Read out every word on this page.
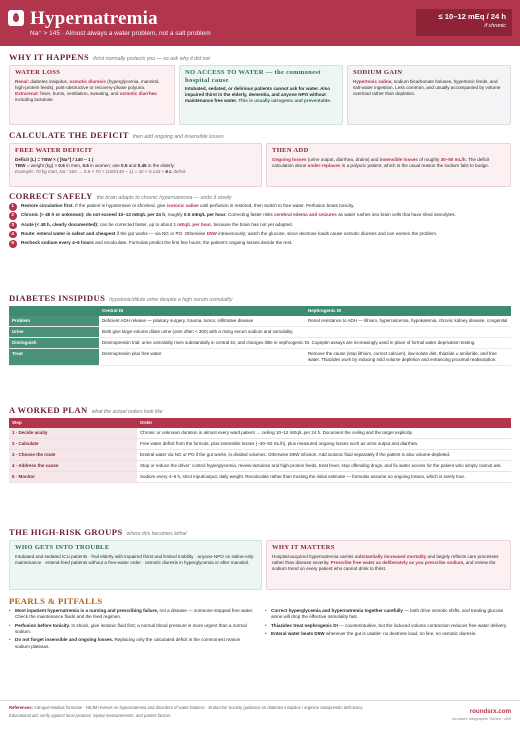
Hypernatremia
Na⁺ > 145 · Almost always a water problem, not a salt problem
≤ 10–12 mEq / 24 h
if chronic
WHY IT HAPPENS thirst normally protects you — so ask why it did not
WATER LOSS
Renal: diabetes insipidus, osmotic diuresis (hyperglycemia, mannitol, high-protein feeds), post-obstructive or recovery-phase polyuria. Extrarenal: fever, burns, ventilation, sweating, and osmotic diarrhea including lactulose.
NO ACCESS TO WATER — the commonest hospital cause
Intubated, sedated, or delirious patients cannot ask for water. Also impaired thirst in the elderly, dementia, and anyone NPO without maintenance free water. This is usually iatrogenic and preventable.
SODIUM GAIN
Hypertonic saline, sodium bicarbonate boluses, hypertonic feeds, and salt-water ingestion. Less common, and usually accompanied by volume overload rather than depletion.
CALCULATE THE DEFICIT then add ongoing and insensible losses
FREE WATER DEFICIT
Deficit (L) = TBW × ( [Na⁺] / 140 − 1 )
TBW = weight (kg) × 0.6 in men, 0.5 in women; use 0.5 and 0.45 in the elderly.
Example: 70 kg man, Na⁺ 160 → 0.6 × 70 × (160/140 − 1) = 42 × 0.143 ≈ 6 L deficit.
THEN ADD
Ongoing losses (urine output, diarrhea, drains) and insensible losses of roughly 30–50 mL/h. The deficit calculation alone under-replaces in a polyuric patient, which is the usual reason the sodium fails to budge.
CORRECT SAFELY the brain adapts to chronic hypernatremia — undo it slowly
1	Restore circulation first. If the patient is hypotensive or shocked, give isotonic saline until perfusion is restored, then switch to free water. Perfusion beats tonicity.
2	Chronic (> 48 h or unknown): do not exceed 10–12 mEq/L per 24 h, roughly 0.5 mEq/L per hour. Correcting faster risks cerebral edema and seizures as water rushes into brain cells that have shed osmolytes.
3	Acute (< 48 h, clearly documented): can be corrected faster, up to about 1 mEq/L per hour, because the brain has not yet adapted.
4	Route: enteral water is safest and cheapest if the gut works — via NG or PO. Otherwise D5W intravenously; watch the glucose, since dextrose loads cause osmotic diuresis and can worsen the problem.
5	Recheck sodium every 4–6 hours and recalculate. Formulas predict the first few hours; the patient's ongoing losses decide the rest.
DIABETES INSIPIDUS hypotonic/dilute urine despite a high serum osmolality
	Central DI	Nephrogenic DI
Problem	Deficient ADH release — pituitary surgery, trauma, tumor, infiltrative disease	Renal resistance to ADH — lithium, hypercalcemia, hypokalemia, chronic kidney disease, congenital
Urine	Both give large-volume dilute urine (osm often < 300) with a rising serum sodium and osmolality.	
Distinguish	Desmopressin trial: urine osmolality rises substantially in central DI, and changes little in nephrogenic DI. Copeptin assays are increasingly used in place of formal water deprivation testing.	
Treat	Desmopressin plus free water	Remove the cause (stop lithium, correct calcium), low-solute diet, thiazide ± amiloride, and free water. Thiazides work by inducing mild volume depletion and enhancing proximal reabsorption.
A WORKED PLAN what the actual orders look like
Step	Order
1 · Decide acuity	Chronic or unknown duration in almost every ward patient → ceiling 10–12 mEq/L per 24 h. Document the ceiling and the target explicitly.
2 · Calculate	Free water deficit from the formula, plus insensible losses (~30–50 mL/h), plus measured ongoing losses such as urine output and diarrhea.
3 · Choose the route	Enteral water via NG or PO if the gut works, in divided volumes. Otherwise D5W infusion. Add isotonic fluid separately if the patient is also volume-depleted.
4 · Address the cause	Stop or reduce the driver: control hyperglycemia, review lactulose and high-protein feeds, treat fever, stop offending drugs, and fix water access for the patient who simply cannot ask.
5 · Monitor	Sodium every 4–6 h, strict input/output, daily weight. Recalculate rather than trusting the initial estimate — formulas assume no ongoing losses, which is rarely true.
THE HIGH-RISK GROUPS where this becomes lethal
WHO GETS INTO TROUBLE
Intubated and sedated ICU patients · frail elderly with impaired thirst and limited mobility · anyone NPO on saline-only maintenance · enteral-feed patients without a free-water order · osmotic diuresis in hyperglycemia or after mannitol.
WHY IT MATTERS
Hospital-acquired hypernatremia carries substantially increased mortality and largely reflects care processes rather than disease severity. Prescribe free water as deliberately as you prescribe sodium, and review the sodium trend on every patient who cannot drink to thirst.
PEARLS & PITFALLS
• Most inpatient hypernatremia is a nursing and prescribing failure, not a disease — someone stopped free water. Check the maintenance fluids and the feed regimen.
• Perfusion before tonicity. In shock, give isotonic fluid first; a normal blood pressure is more urgent than a normal sodium.
• Do not forget insensible and ongoing losses. Replacing only the calculated deficit is the commonest reason sodium plateaus.
• Correct hyperglycemia and hypernatremia together carefully — both drive osmotic shifts, and treating glucose alone will drop the effective osmolality fast.
• Thiazides treat nephrogenic DI — counterintuitive, but the induced volume contraction reduces free water delivery.
• Enteral water beats D5W whenever the gut is usable: no dextrose load, no line, no osmotic diuresis.
References: Adrogué-Madias formulae · NEJM reviews on hypernatremia and disorders of water balance · Endocrine Society guidance on diabetes insipidus / arginine vasopressin deficiency.
Educational aid; verify against local protocol, repeat measurements, and patient factors.
roundsrx.com
roundsrx Infographic Series · #69
